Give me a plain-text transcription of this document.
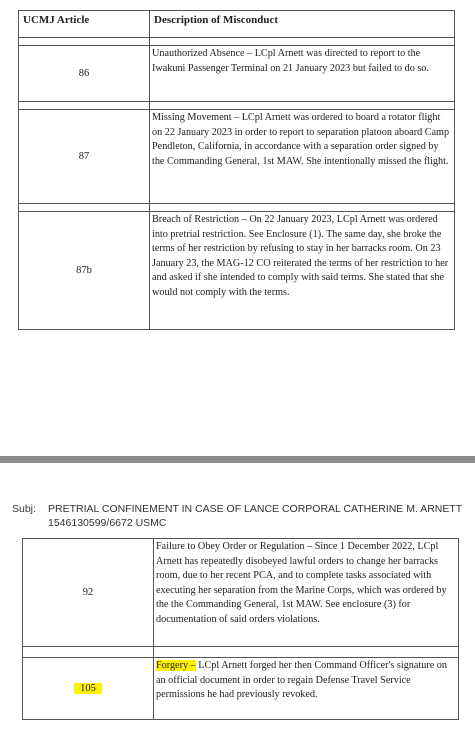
UCMJ Article	Description of Misconduct

86	Unauthorized Absence – LCpl Arnett was directed to report to the Iwakuni Passenger Terminal on 21 January 2023 but failed to do so.

87	Missing Movement – LCpl Arnett was ordered to board a rotator flight on 22 January 2023 in order to report to separation platoon aboard Camp Pendleton, California, in accordance with a separation order signed by the Commanding General, 1st MAW. She intentionally missed the flight.

87b	Breach of Restriction – On 22 January 2023, LCpl Arnett was ordered into pretrial restriction. See Enclosure (1). The same day, she broke the terms of her restriction by refusing to stay in her barracks room. On 23 January 23, the MAG-12 CO reiterated the terms of her restriction to her and asked if she intended to comply with said terms. She stated that she would not comply with the terms.
Subj: PRETRIAL CONFINEMENT IN CASE OF LANCE CORPORAL CATHERINE M. ARNETT 1546130599/6672 USMC
92	Failure to Obey Order or Regulation – Since 1 December 2022, LCpl Arnett has repeatedly disobeyed lawful orders to change her barracks room, due to her recent PCA, and to complete tasks associated with executing her separation from the Marine Corps, which was ordered by the the Commanding General, 1st MAW. See enclosure (3) for documentation of said orders violations.

105	Forgery – LCpl Arnett forged her then Command Officer's signature on an official document in order to regain Defense Travel Service permissions he had previously revoked.
